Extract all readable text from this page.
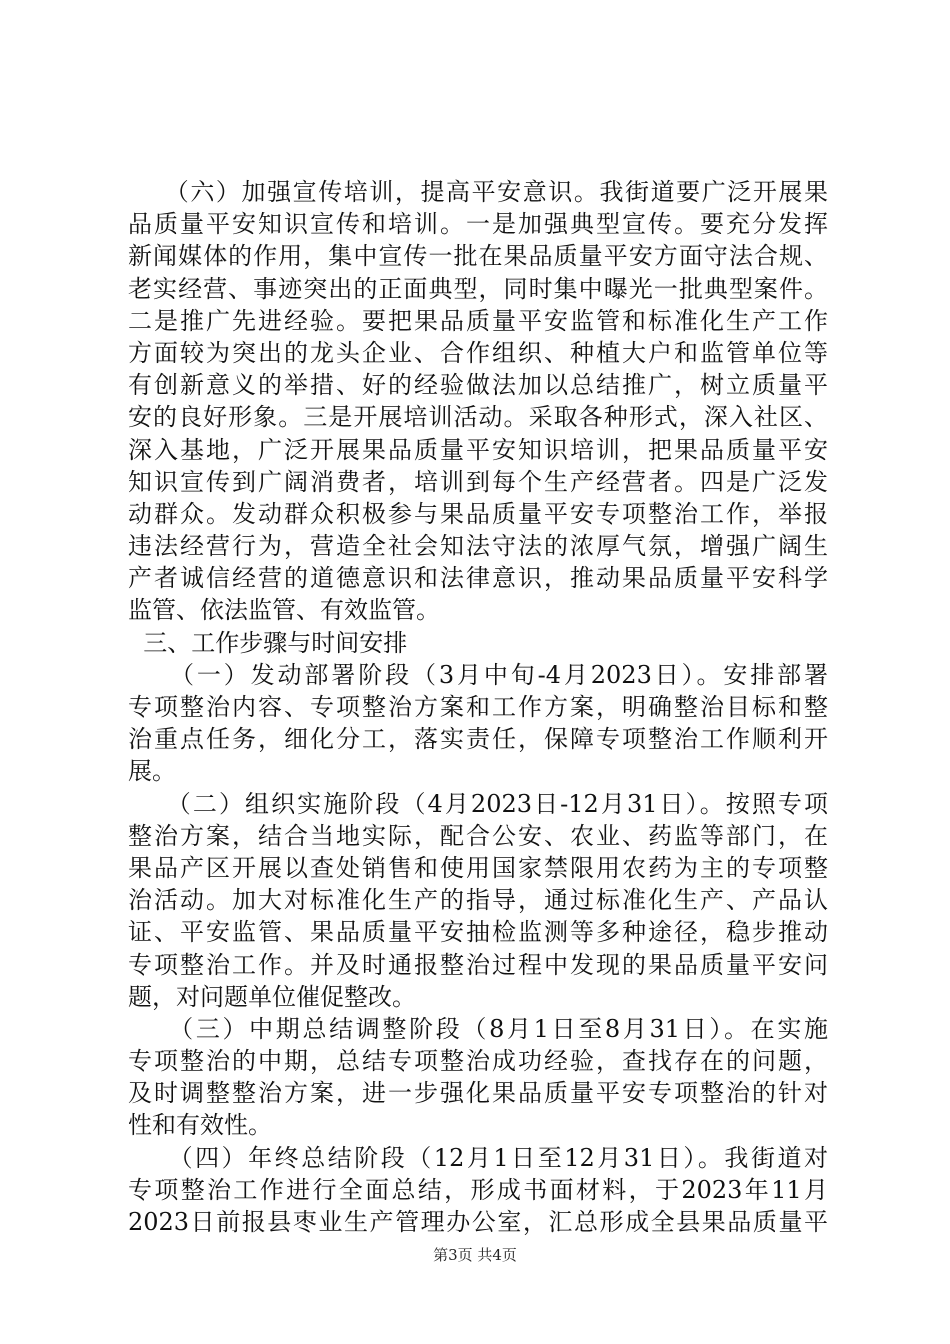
（六）加强宣传培训，提高平安意识。我街道要广泛开展果
品质量平安知识宣传和培训。一是加强典型宣传。要充分发挥
新闻媒体的作用，集中宣传一批在果品质量平安方面守法合规、
老实经营、事迹突出的正面典型，同时集中曝光一批典型案件。
二是推广先进经验。要把果品质量平安监管和标准化生产工作
方面较为突出的龙头企业、合作组织、种植大户和监管单位等
有创新意义的举措、好的经验做法加以总结推广，树立质量平
安的良好形象。三是开展培训活动。采取各种形式，深入社区、
深入基地，广泛开展果品质量平安知识培训，把果品质量平安
知识宣传到广阔消费者，培训到每个生产经营者。四是广泛发
动群众。发动群众积极参与果品质量平安专项整治工作，举报
违法经营行为，营造全社会知法守法的浓厚气氛，增强广阔生
产者诚信经营的道德意识和法律意识，推动果品质量平安科学
监管、依法监管、有效监管。
三、工作步骤与时间安排
（一）发动部署阶段（3月中旬-4月2023日）。安排部署
专项整治内容、专项整治方案和工作方案，明确整治目标和整
治重点任务，细化分工，落实责任，保障专项整治工作顺利开
展。
（二）组织实施阶段（4月2023日-12月31日）。按照专项
整治方案，结合当地实际，配合公安、农业、药监等部门，在
果品产区开展以查处销售和使用国家禁限用农药为主的专项整
治活动。加大对标准化生产的指导，通过标准化生产、产品认
证、平安监管、果品质量平安抽检监测等多种途径，稳步推动
专项整治工作。并及时通报整治过程中发现的果品质量平安问
题，对问题单位催促整改。
（三）中期总结调整阶段（8月1日至8月31日）。在实施
专项整治的中期，总结专项整治成功经验，查找存在的问题，
及时调整整治方案，进一步强化果品质量平安专项整治的针对
性和有效性。
（四）年终总结阶段（12月1日至12月31日）。我街道对
专项整治工作进行全面总结，形成书面材料，于2023年11月
2023日前报县枣业生产管理办公室，汇总形成全县果品质量平
第3页 共4页
